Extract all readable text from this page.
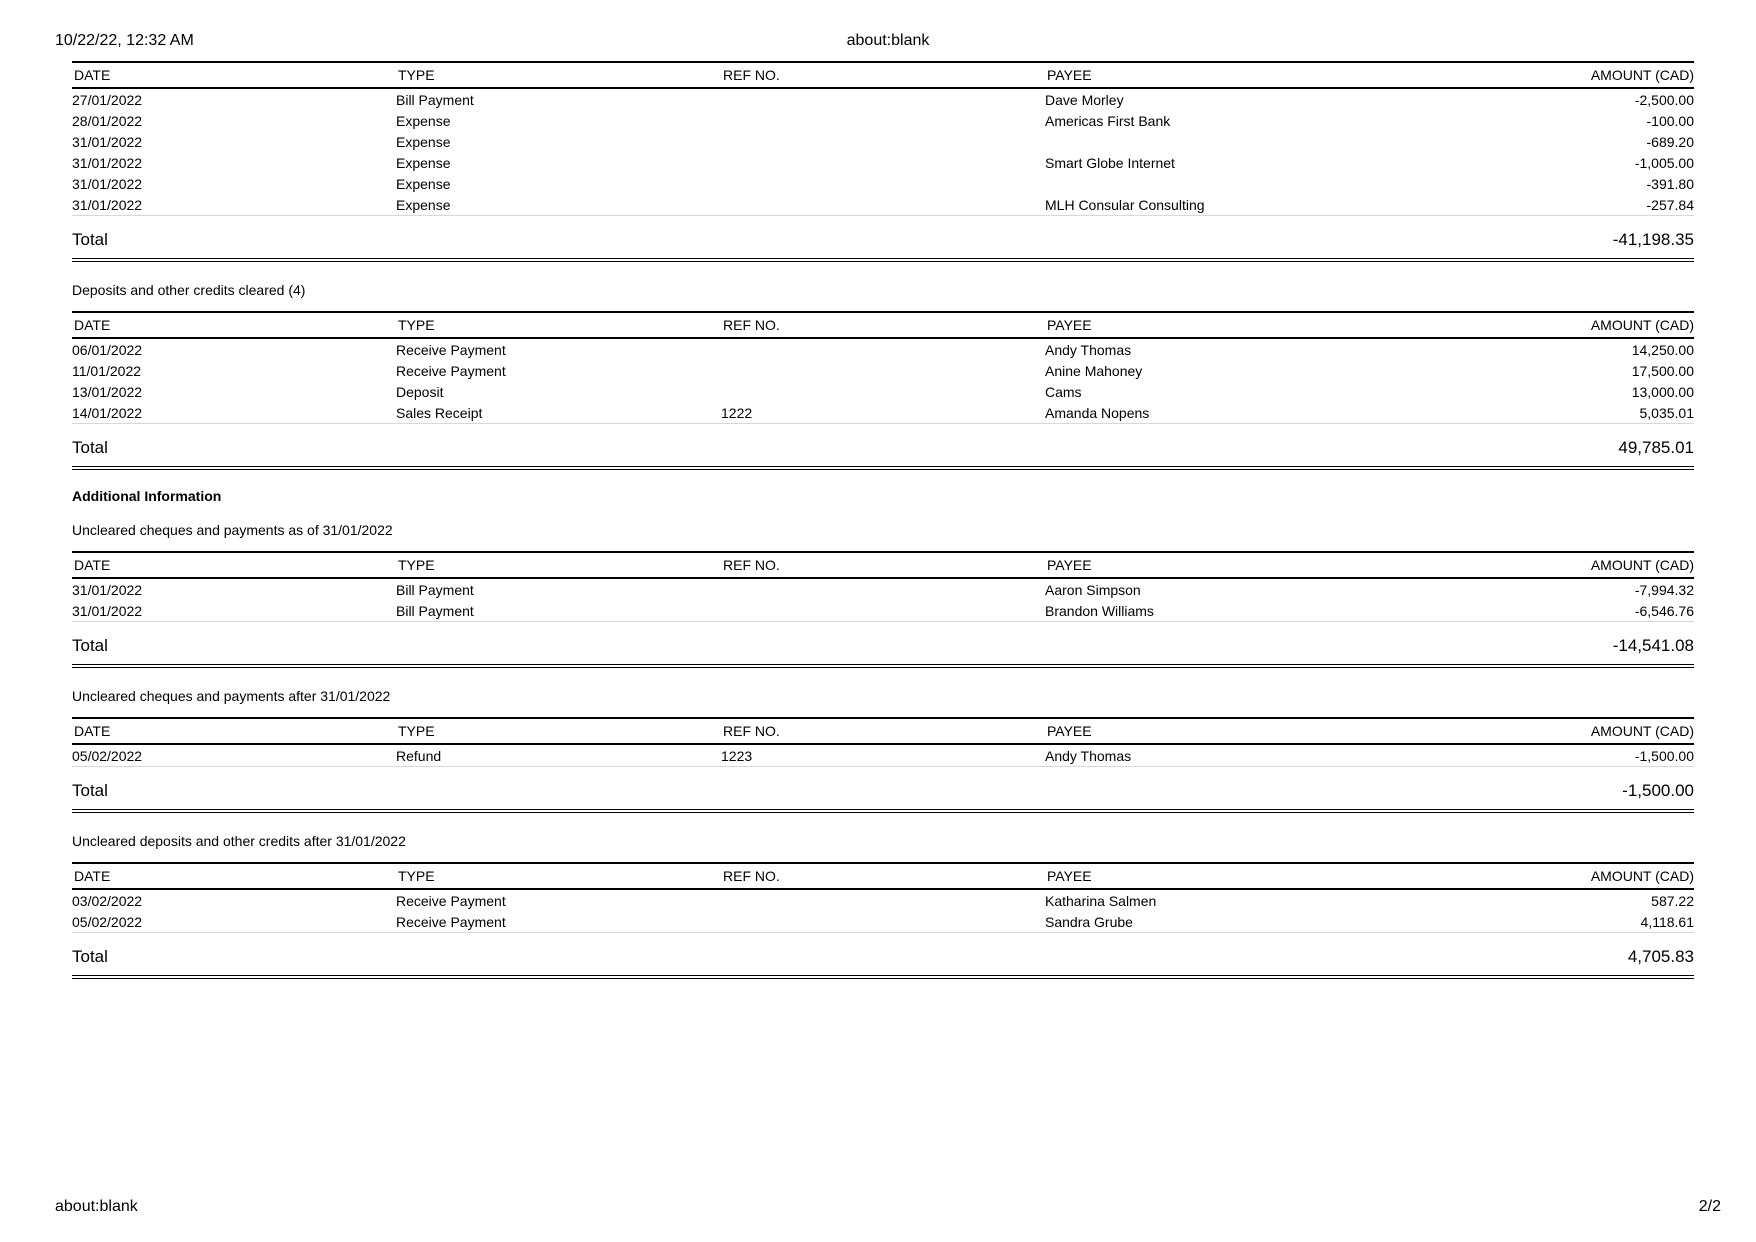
10/22/22, 12:32 AM	about:blank
DATE	TYPE	REF NO.	PAYEE	AMOUNT (CAD)
27/01/2022	Bill Payment		Dave Morley	-2,500.00
28/01/2022	Expense		Americas First Bank	-100.00
31/01/2022	Expense			-689.20
31/01/2022	Expense		Smart Globe Internet	-1,005.00
31/01/2022	Expense			-391.80
31/01/2022	Expense		MLH Consular Consulting	-257.84
Total	-41,198.35
Deposits and other credits cleared (4)
DATE	TYPE	REF NO.	PAYEE	AMOUNT (CAD)
06/01/2022	Receive Payment		Andy Thomas	14,250.00
11/01/2022	Receive Payment		Anine Mahoney	17,500.00
13/01/2022	Deposit		Cams	13,000.00
14/01/2022	Sales Receipt	1222	Amanda Nopens	5,035.01
Total	49,785.01
Additional Information
Uncleared cheques and payments as of 31/01/2022
DATE	TYPE	REF NO.	PAYEE	AMOUNT (CAD)
31/01/2022	Bill Payment		Aaron Simpson	-7,994.32
31/01/2022	Bill Payment		Brandon Williams	-6,546.76
Total	-14,541.08
Uncleared cheques and payments after 31/01/2022
DATE	TYPE	REF NO.	PAYEE	AMOUNT (CAD)
05/02/2022	Refund	1223	Andy Thomas	-1,500.00
Total	-1,500.00
Uncleared deposits and other credits after 31/01/2022
DATE	TYPE	REF NO.	PAYEE	AMOUNT (CAD)
03/02/2022	Receive Payment		Katharina Salmen	587.22
05/02/2022	Receive Payment		Sandra Grube	4,118.61
Total	4,705.83
about:blank	2/2
